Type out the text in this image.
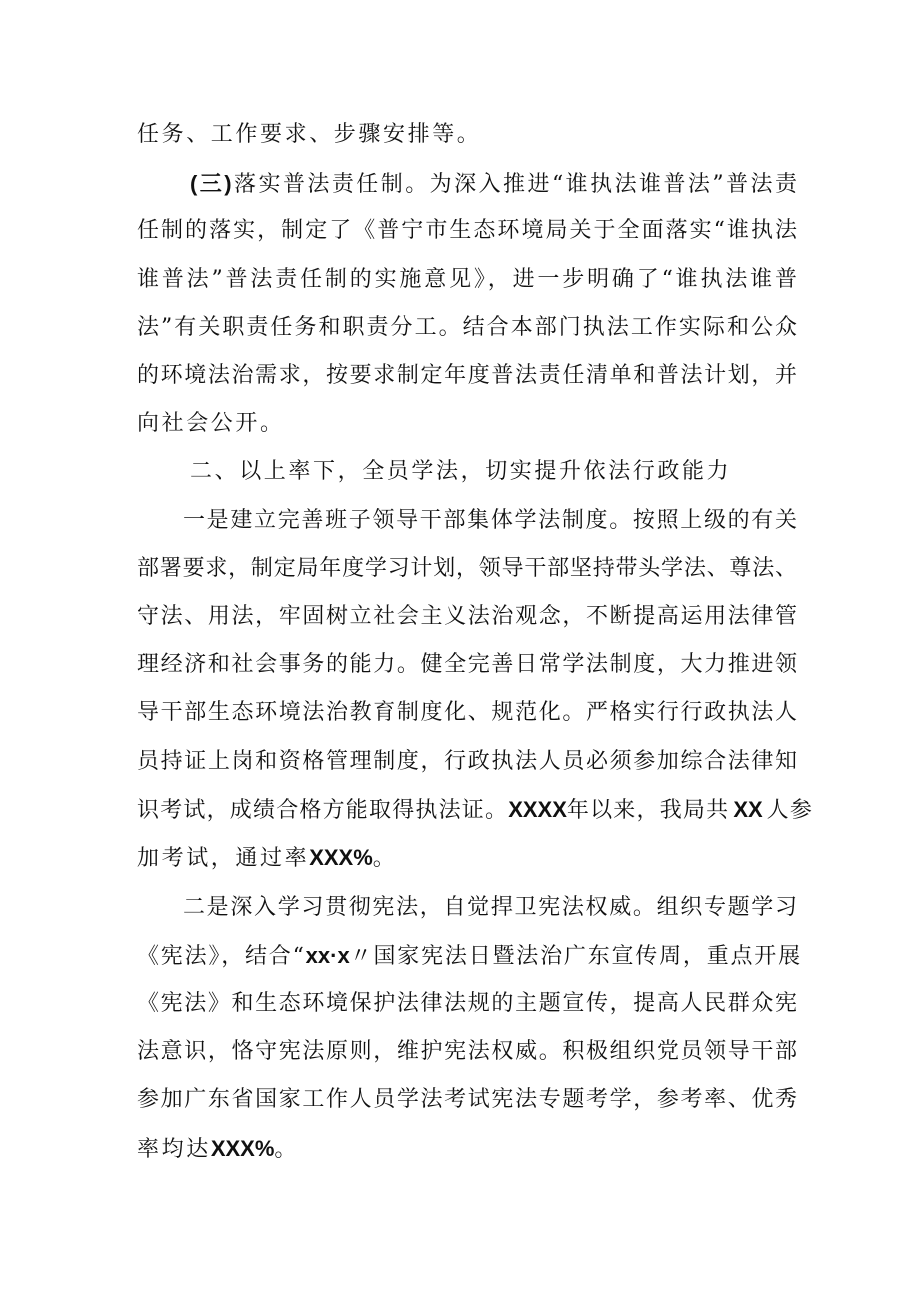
任务、工作要求、步骤安排等。
(三)落实普法责任制。为深入推进“谁执法谁普法”普法责
任制的落实，制定了《普宁市生态环境局关于全面落实“谁执法
谁普法”普法责任制的实施意见》，进一步明确了“谁执法谁普
法”有关职责任务和职责分工。结合本部门执法工作实际和公众
的环境法治需求，按要求制定年度普法责任清单和普法计划，并
向社会公开。
二、以上率下，全员学法，切实提升依法行政能力
一是建立完善班子领导干部集体学法制度。按照上级的有关
部署要求，制定局年度学习计划，领导干部坚持带头学法、尊法、
守法、用法，牢固树立社会主义法治观念，不断提高运用法律管
理经济和社会事务的能力。健全完善日常学法制度，大力推进领
导干部生态环境法治教育制度化、规范化。严格实行行政执法人
员持证上岗和资格管理制度，行政执法人员必须参加综合法律知
识考试，成绩合格方能取得执法证。XXXX年以来，我局共 XX 人参
加考试，通过率XXX%。
二是深入学习贯彻宪法，自觉捍卫宪法权威。组织专题学习
《宪法》，结合“xx·x〃国家宪法日暨法治广东宣传周，重点开展
《宪法》和生态环境保护法律法规的主题宣传，提高人民群众宪
法意识，恪守宪法原则，维护宪法权威。积极组织党员领导干部
参加广东省国家工作人员学法考试宪法专题考学，参考率、优秀
率均达XXX%。
